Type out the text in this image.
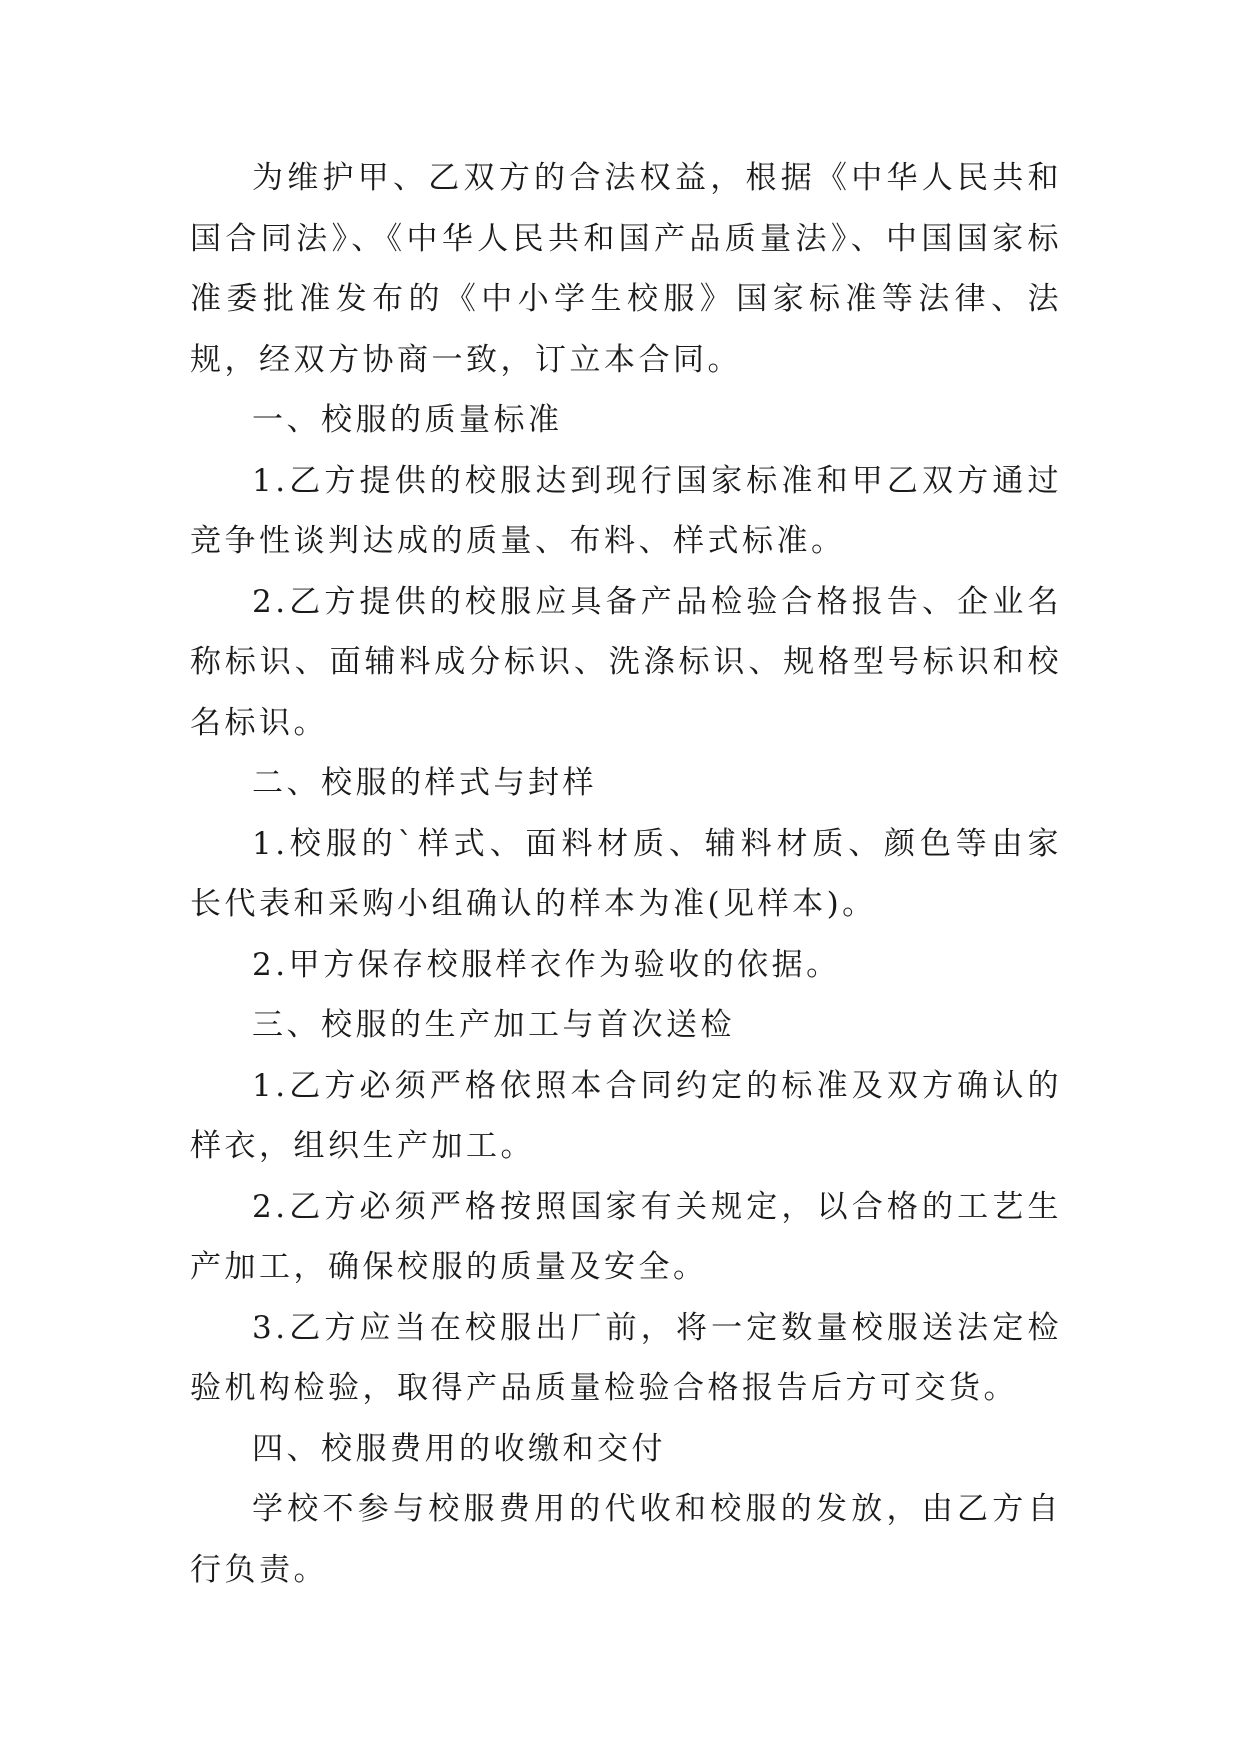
为维护甲、乙双方的合法权益，根据《中华人民共和国合同法》、《中华人民共和国产品质量法》、中国国家标准委批准发布的《中小学生校服》国家标准等法律、法规，经双方协商一致，订立本合同。

一、校服的质量标准

1.乙方提供的校服达到现行国家标准和甲乙双方通过竞争性谈判达成的质量、布料、样式标准。

2.乙方提供的校服应具备产品检验合格报告、企业名称标识、面辅料成分标识、洗涤标识、规格型号标识和校名标识。

二、校服的样式与封样

1.校服的`样式、面料材质、辅料材质、颜色等由家长代表和采购小组确认的样本为准(见样本)。

2.甲方保存校服样衣作为验收的依据。

三、校服的生产加工与首次送检

1.乙方必须严格依照本合同约定的标准及双方确认的样衣，组织生产加工。

2.乙方必须严格按照国家有关规定，以合格的工艺生产加工，确保校服的质量及安全。

3.乙方应当在校服出厂前，将一定数量校服送法定检验机构检验，取得产品质量检验合格报告后方可交货。

四、校服费用的收缴和交付

学校不参与校服费用的代收和校服的发放，由乙方自行负责。
